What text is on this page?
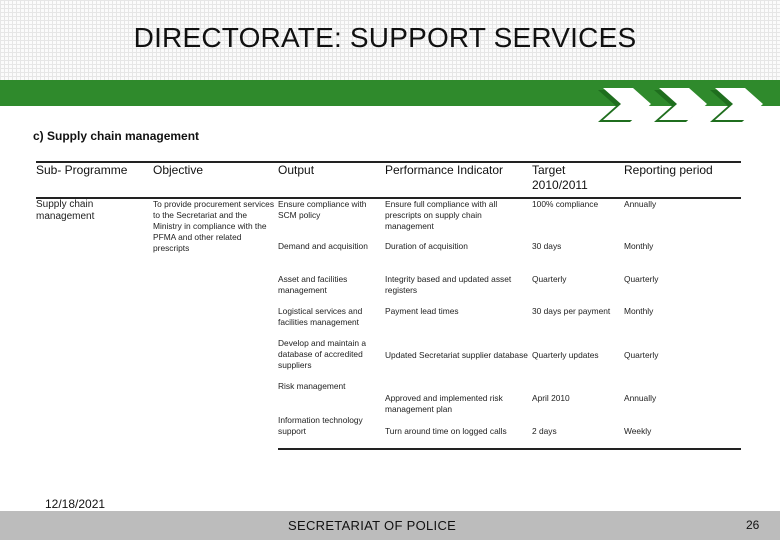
DIRECTORATE: SUPPORT SERVICES
c) Supply chain management
Sub- Programme	Objective	Output	Performance Indicator	Target 2010/2011	Reporting period
Supply chain management	To provide procurement services to the Secretariat and the Ministry in compliance with the PFMA and other related prescripts	Ensure compliance with SCM policy	Ensure full compliance with all prescripts on supply chain management	100% compliance	Annually
		Demand and acquisition	Duration of acquisition	30 days	Monthly
		Asset and facilities management	Integrity based and updated asset registers	Quarterly	Quarterly
		Logistical services and facilities management	Payment lead times	30 days per payment	Monthly
		Develop and maintain a database of accredited suppliers	Updated Secretariat supplier database	Quarterly updates	Quarterly
		Risk management			
			Approved and implemented risk management plan	April 2010	Annually
		Information technology support	Turn around time on logged calls	2 days	Weekly
12/18/2021
SECRETARIAT OF POLICE	26
